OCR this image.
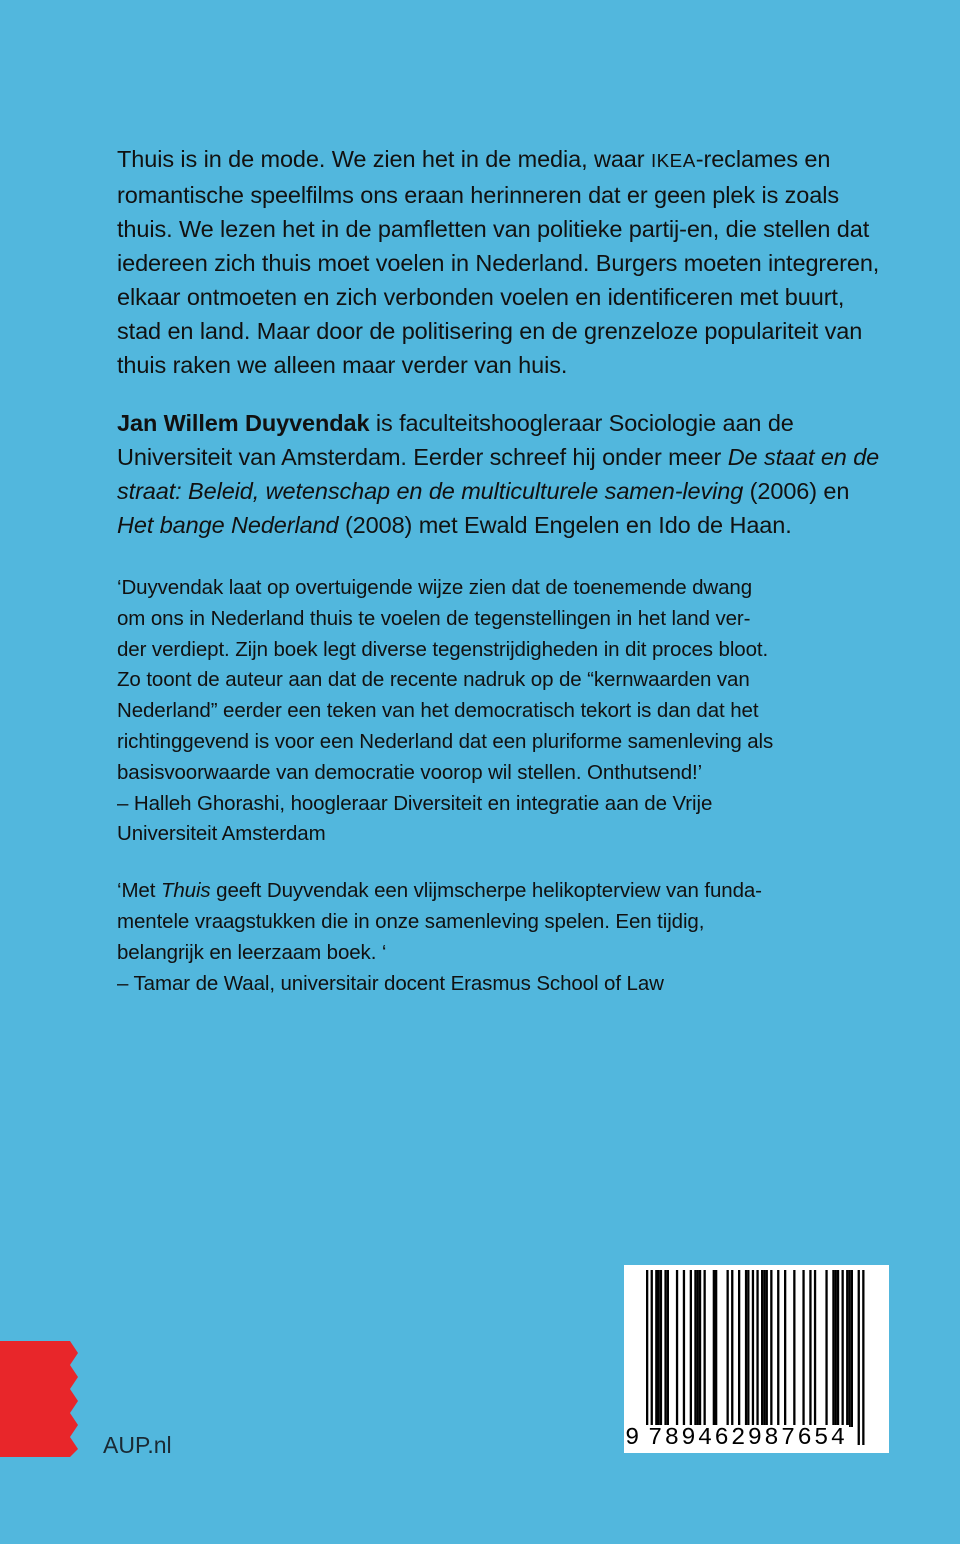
Thuis is in de mode. We zien het in de media, waar IKEA-reclames en romantische speelfilms ons eraan herinneren dat er geen plek is zoals thuis. We lezen het in de pamfletten van politieke partij-en, die stellen dat iedereen zich thuis moet voelen in Nederland. Burgers moeten integreren, elkaar ontmoeten en zich verbonden voelen en identificeren met buurt, stad en land. Maar door de politisering en de grenzeloze populariteit van thuis raken we alleen maar verder van huis.

Jan Willem Duyvendak is faculteitshoogleraar Sociologie aan de Universiteit van Amsterdam. Eerder schreef hij onder meer De staat en de straat: Beleid, wetenschap en de multiculturele samen-leving (2006) en Het bange Nederland (2008) met Ewald Engelen en Ido de Haan.

‘Duyvendak laat op overtuigende wijze zien dat de toenemende dwang
om ons in Nederland thuis te voelen de tegenstellingen in het land ver-
der verdiept. Zijn boek legt diverse tegenstrijdigheden in dit proces bloot.
Zo toont de auteur aan dat de recente nadruk op de “kernwaarden van
Nederland” eerder een teken van het democratisch tekort is dan dat het
richtinggevend is voor een Nederland dat een pluriforme samenleving als
basisvoorwaarde van democratie voorop wil stellen. Onthutsend!’
– Halleh Ghorashi, hoogleraar Diversiteit en integratie aan de Vrije
Universiteit Amsterdam
‘Met Thuis geeft Duyvendak een vlijmscherpe helikopterview van funda-
mentele vraagstukken die in onze samenleving spelen. Een tijdig,
belangrijk en leerzaam boek. ‘
– Tamar de Waal, universitair docent Erasmus School of Law
AUP.nl	9 789462987654
